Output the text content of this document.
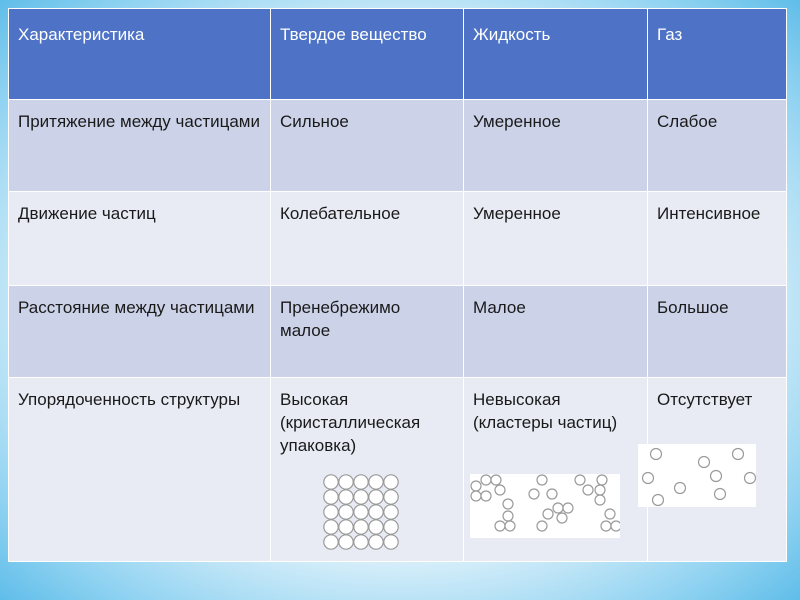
Характеристика	Твердое вещество	Жидкость	Газ
Притяжение между частицами	Сильное	Умеренное	Слабое
Движение частиц	Колебательное	Умеренное	Интенсивное
Расстояние между частицами	Пренебрежимо малое	Малое	Большое
Упорядоченность структуры	Высокая (кристаллическая упаковка)	Невысокая (кластеры частиц)	Отсутствует
